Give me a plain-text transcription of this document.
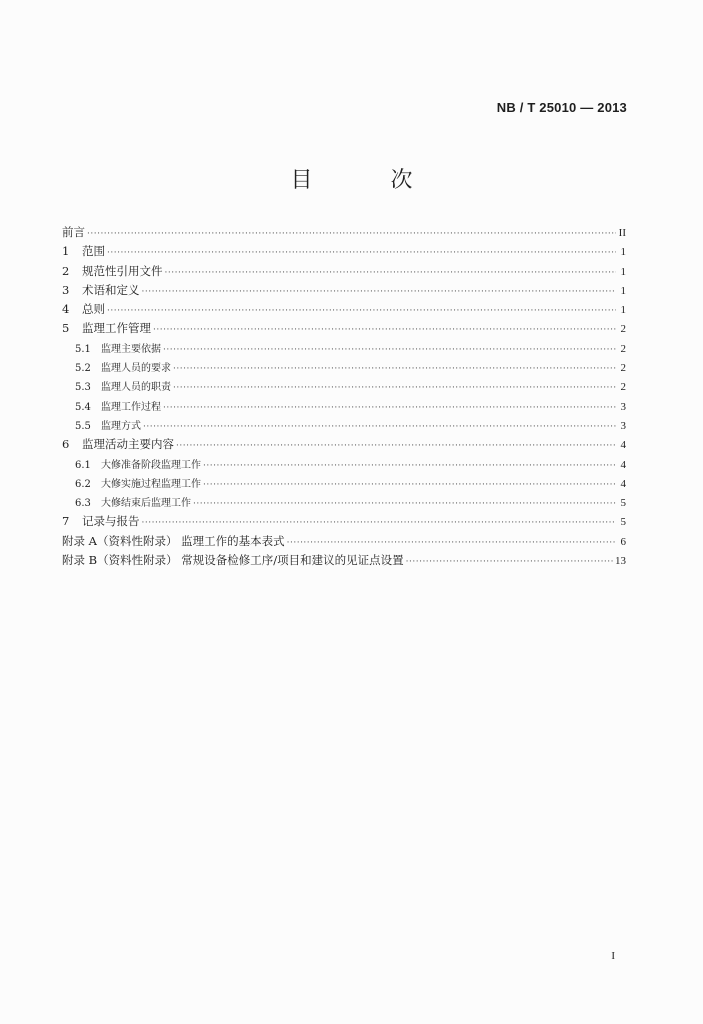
NB / T 25010 — 2013
目　次
前言 ·····	II
1	范围 ·····	1
2	规范性引用文件 ·····	1
3	术语和定义 ·····	1
4	总则 ·····	1
5	监理工作管理 ·····	2
5.1	监理主要依据 ·····	2
5.2	监理人员的要求 ·····	2
5.3	监理人员的职责 ·····	2
5.4	监理工作过程 ·····	3
5.5	监理方式 ·····	3
6	监理活动主要内容 ·····	4
6.1	大修准备阶段监理工作 ·····	4
6.2	大修实施过程监理工作 ·····	4
6.3	大修结束后监理工作 ·····	5
7	记录与报告 ·····	5
附录 A（资料性附录） 监理工作的基本表式 ·····	6
附录 B（资料性附录） 常规设备检修工序/项目和建议的见证点设置 ·····	13
I
